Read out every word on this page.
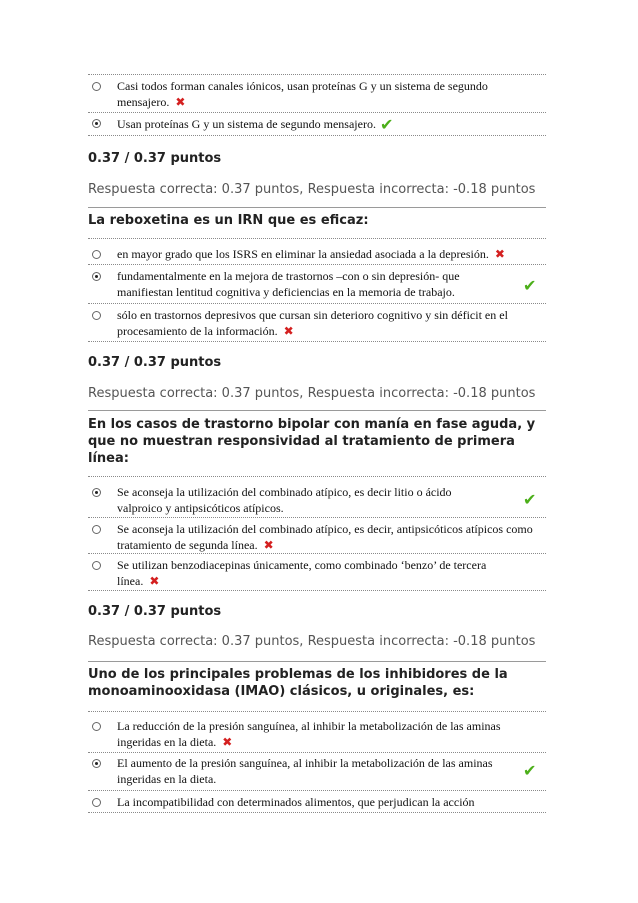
Casi todos forman canales iónicos, usan proteínas G y un sistema de segundo mensajero. ✖
Usan proteínas G y un sistema de segundo mensajero. ✔
0.37 / 0.37 puntos
Respuesta correcta: 0.37 puntos, Respuesta incorrecta: -0.18 puntos
La reboxetina es un IRN que es eficaz:
en mayor grado que los ISRS en eliminar la ansiedad asociada a la depresión. ✖
fundamentalmente en la mejora de trastornos –con o sin depresión- que manifiestan lentitud cognitiva y deficiencias en la memoria de trabajo.	✔
sólo en trastornos depresivos que cursan sin deterioro cognitivo y sin déficit en el procesamiento de la información. ✖
0.37 / 0.37 puntos
Respuesta correcta: 0.37 puntos, Respuesta incorrecta: -0.18 puntos
En los casos de trastorno bipolar con manía en fase aguda, y que no muestran responsividad al tratamiento de primera línea:
Se aconseja la utilización del combinado atípico, es decir litio o ácido valproico y antipsicóticos atípicos.	✔
Se aconseja la utilización del combinado atípico, es decir, antipsicóticos atípicos como tratamiento de segunda línea. ✖
Se utilizan benzodiacepinas únicamente, como combinado ‘benzo’ de tercera línea. ✖
0.37 / 0.37 puntos
Respuesta correcta: 0.37 puntos, Respuesta incorrecta: -0.18 puntos
Uno de los principales problemas de los inhibidores de la monoaminooxidasa (IMAO) clásicos, u originales, es:
La reducción de la presión sanguínea, al inhibir la metabolización de las aminas ingeridas en la dieta. ✖
El aumento de la presión sanguínea, al inhibir la metabolización de las aminas ingeridas en la dieta.	✔
La incompatibilidad con determinados alimentos, que perjudican la acción
